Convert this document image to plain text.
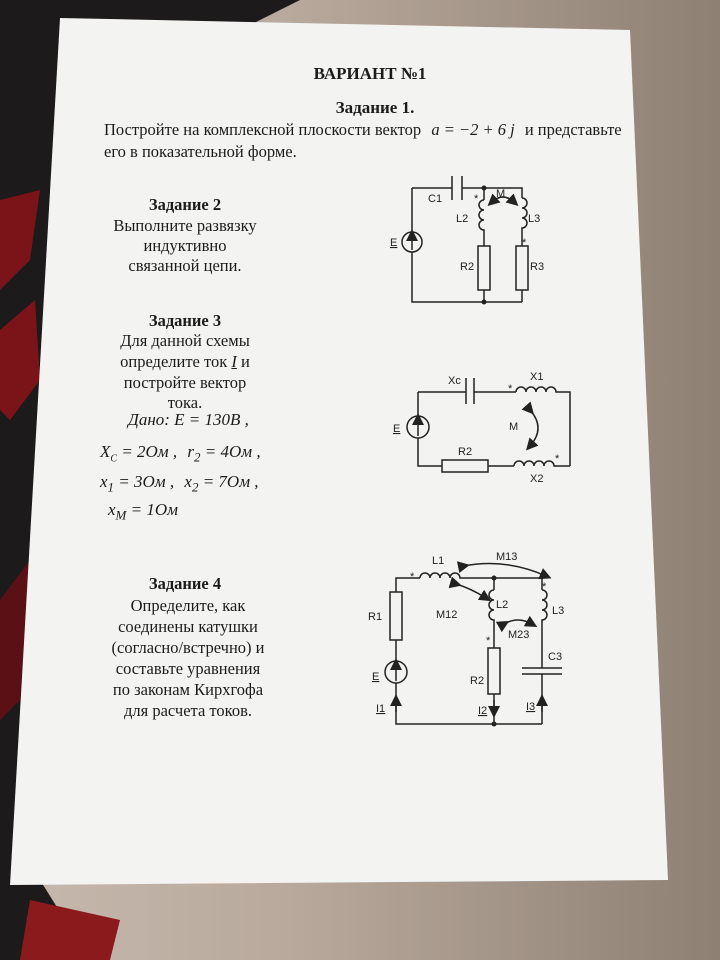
ВАРИАНТ №1
Задание 1.
Постройте на комплексной плоскости вектор a = −2 + 6 j и представьте
его в показательной форме.
Задание 2
Выполните развязку
индуктивно
связанной цепи.
Задание 3
Для данной схемы
определите ток I и
постройте вектор
тока.
Дано: E = 130В ,
$X_C = 2Ом$ , $r_2 = 4Ом$ ,
$x_1 = 3Ом$ , $x_2 = 7Ом$ ,
$x_M = 1Ом$
Задание 4
Определите, как
соединены катушки
(согласно/встречно) и
составьте уравнения
по законам Кирхгофа
для расчета токов.
C1	M
L2	L3
E
R2	R3
*
*
Xc	X1
M
E
R2
X2
*
*
L1	M13
R1	M12
L2	L3
M23
C3
E	R2
I1	I2	I3
*
*
*
